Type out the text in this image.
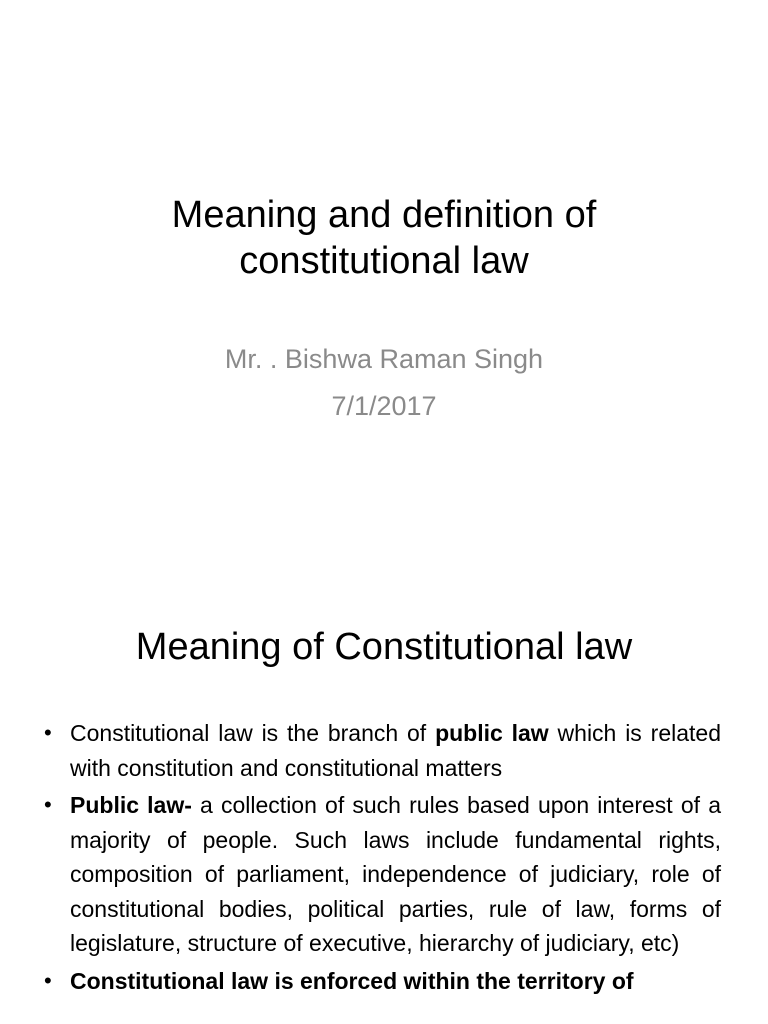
Meaning and definition of
constitutional law
Mr. . Bishwa Raman Singh
7/1/2017
Meaning of Constitutional law
• Constitutional law is the branch of public law which is related with constitution and constitutional matters
• Public law- a collection of such rules based upon interest of a majority of people. Such laws include fundamental rights, composition of parliament, independence of judiciary, role of constitutional bodies, political parties, rule of law, forms of legislature, structure of executive, hierarchy of judiciary, etc)
• Constitutional law is enforced within the territory of
